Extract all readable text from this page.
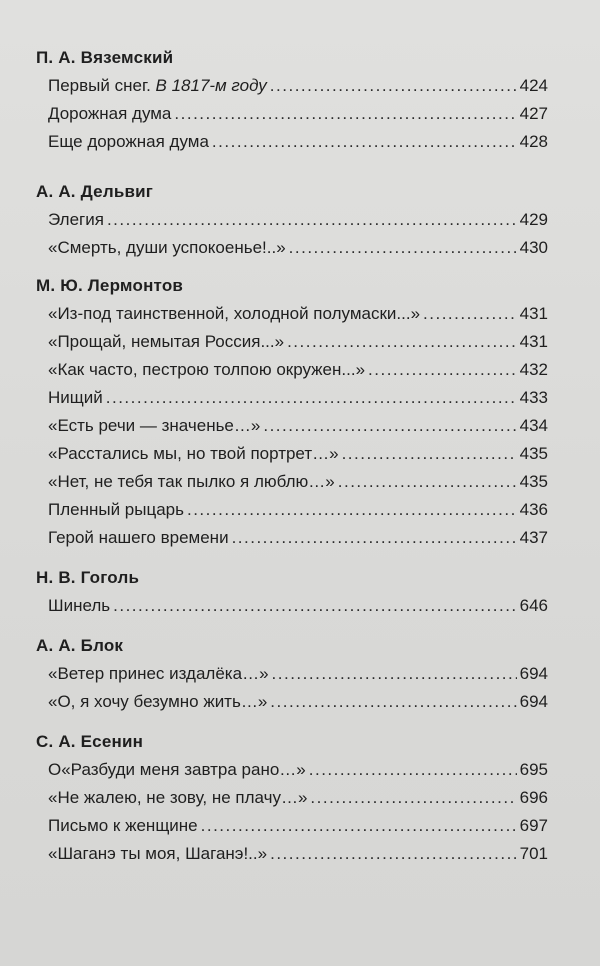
П. А. Вяземский
Первый снег. В 1817-м году .....	424
Дорожная дума .....	427
Еще дорожная дума .....	428
А. А. Дельвиг
Элегия .....	429
«Смерть, души успокоенье!..» .....	430
М. Ю. Лермонтов
«Из-под таинственной, холодной полумаски...» .....	431
«Прощай, немытая Россия...» .....	431
«Как часто, пестрою толпою окружен...» .....	432
Нищий .....	433
«Есть речи — значенье…» .....	434
«Расстались мы, но твой портрет…» .....	435
«Нет, не тебя так пылко я люблю…» .....	435
Пленный рыцарь .....	436
Герой нашего времени .....	437
Н. В. Гоголь
Шинель .....	646
А. А. Блок
«Ветер принес издалёка…» .....	694
«О, я хочу безумно жить…» .....	694
С. А. Есенин
О«Разбуди меня завтра рано…» .....	695
«Не жалею, не зову, не плачу…» .....	696
Письмо к женщине .....	697
«Шаганэ ты моя, Шаганэ!..» .....	701
